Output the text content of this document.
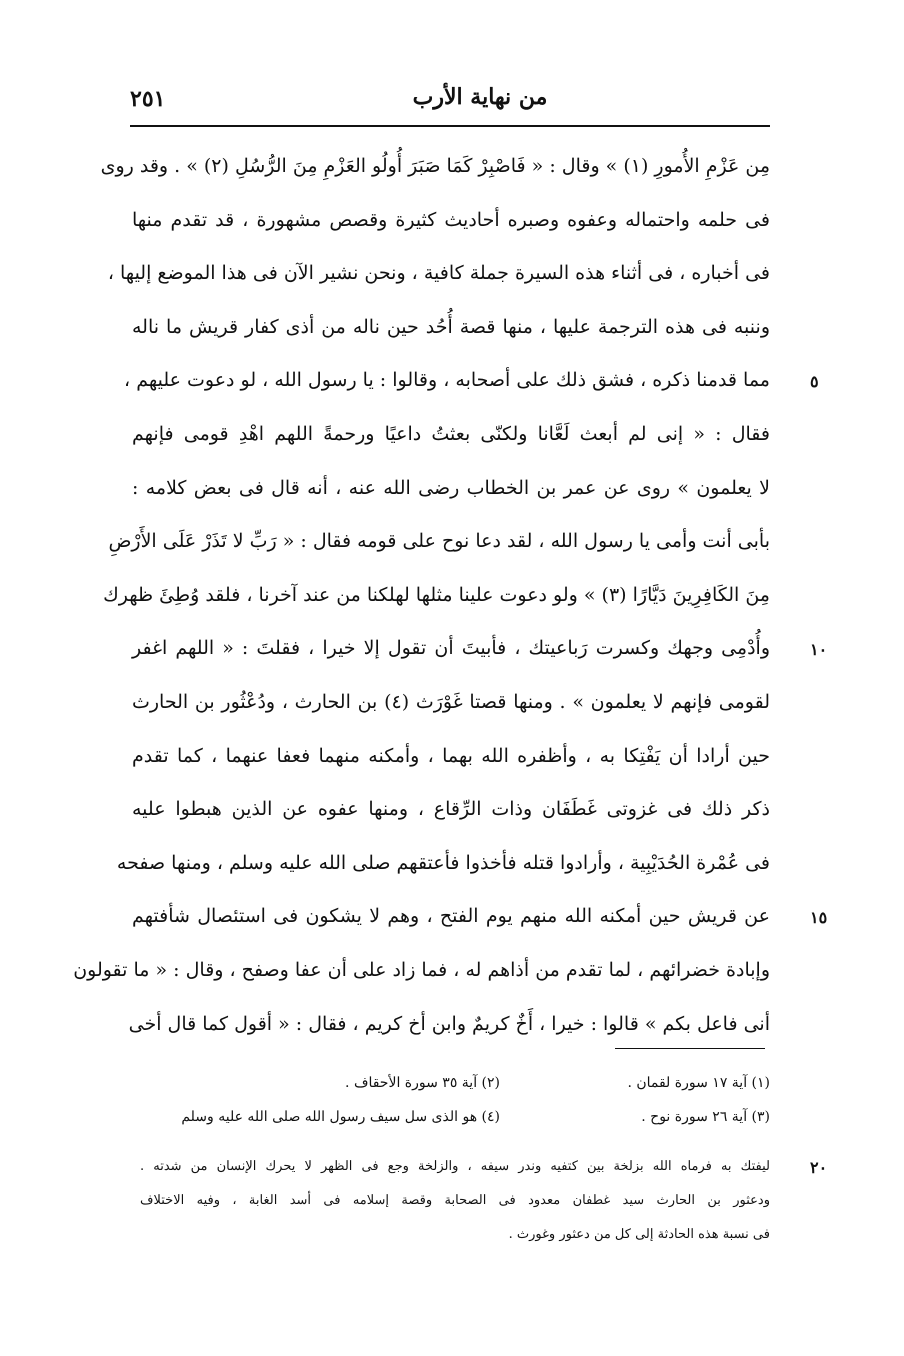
٢٥١	من نهاية الأرب
مِن عَزْمِ الأُمورِ (١) » وقال : « فَاصْبِرْ كَمَا صَبَرَ أُولُو العَزْمِ مِنَ الرُّسُلِ (٢) » . وقد روى
فى حلمه واحتماله وعفوه وصبره أحاديث كثيرة وقصص مشهورة ، قد تقدم منها
فى أخباره ، فى أثناء هذه السيرة جملة كافية ، ونحن نشير الآن فى هذا الموضع إليها ،
وننبه فى هذه الترجمة عليها ، منها قصة أُحُد حين ناله من أذى كفار قريش ما ناله
مما قدمنا ذكره ، فشق ذلك على أصحابه ، وقالوا : يا رسول الله ، لو دعوت عليهم ،
فقال : « إنى لم أبعث لَعَّانا ولكنّى بعثتُ داعيًا ورحمةً اللهم اهْدِ قومى فإنهم
لا يعلمون » روى عن عمر بن الخطاب رضى الله عنه ، أنه قال فى بعض كلامه :
بأبى أنت وأمى يا رسول الله ، لقد دعا نوح على قومه فقال : « رَبِّ لا تَذَرْ عَلَى الأَرْضِ
مِنَ الكَافِرِينَ دَيَّارًا (٣) » ولو دعوت علينا مثلها لهلكنا من عند آخرنا ، فلقد وُطِئَ ظهرك
وأُدْمِى وجهك وكسرت رَباعيتك ، فأبيتَ أن تقول إلا خيرا ، فقلتَ : « اللهم اغفر
لقومى فإنهم لا يعلمون » . ومنها قصتا غَوْرَث (٤) بن الحارث ، ودُعْثُور بن الحارث
حين أرادا أن يَفْتِكا به ، وأظفره الله بهما ، وأمكنه منهما فعفا عنهما ، كما تقدم
ذكر ذلك فى غزوتى غَطَفَان وذات الرِّقاع ، ومنها عفوه عن الذين هبطوا عليه
فى عُمْرة الحُدَيْبِية ، وأرادوا قتله فأخذوا فأعتقهم صلى الله عليه وسلم ، ومنها صفحه
عن قريش حين أمكنه الله منهم يوم الفتح ، وهم لا يشكون فى استئصال شأفتهم
وإبادة خضرائهم ، لما تقدم من أذاهم له ، فما زاد على أن عفا وصفح ، وقال : « ما تقولون
أنى فاعل بكم » قالوا : خيرا ، أَخٌ كريمٌ وابن أخ كريم ، فقال : « أقول كما قال أخى
٥
١٠
١٥
(١) آية ١٧ سورة لقمان .
(٢) آية ٣٥ سورة الأحقاف .
(٣) آية ٢٦ سورة نوح .
(٤) هو الذى سل سيف رسول الله صلى الله عليه وسلم
٢٠
ليفتك به فرماه الله بزلخة بين كتفيه وندر سيفه ، والزلخة وجع فى الظهر لا يحرك الإنسان من شدته .
ودعثور بن الحارث سيد غطفان معدود فى الصحابة وقصة إسلامه فى أسد الغابة ، وفيه الاختلاف
فى نسبة هذه الحادثة إلى كل من دعثور وغورث .
